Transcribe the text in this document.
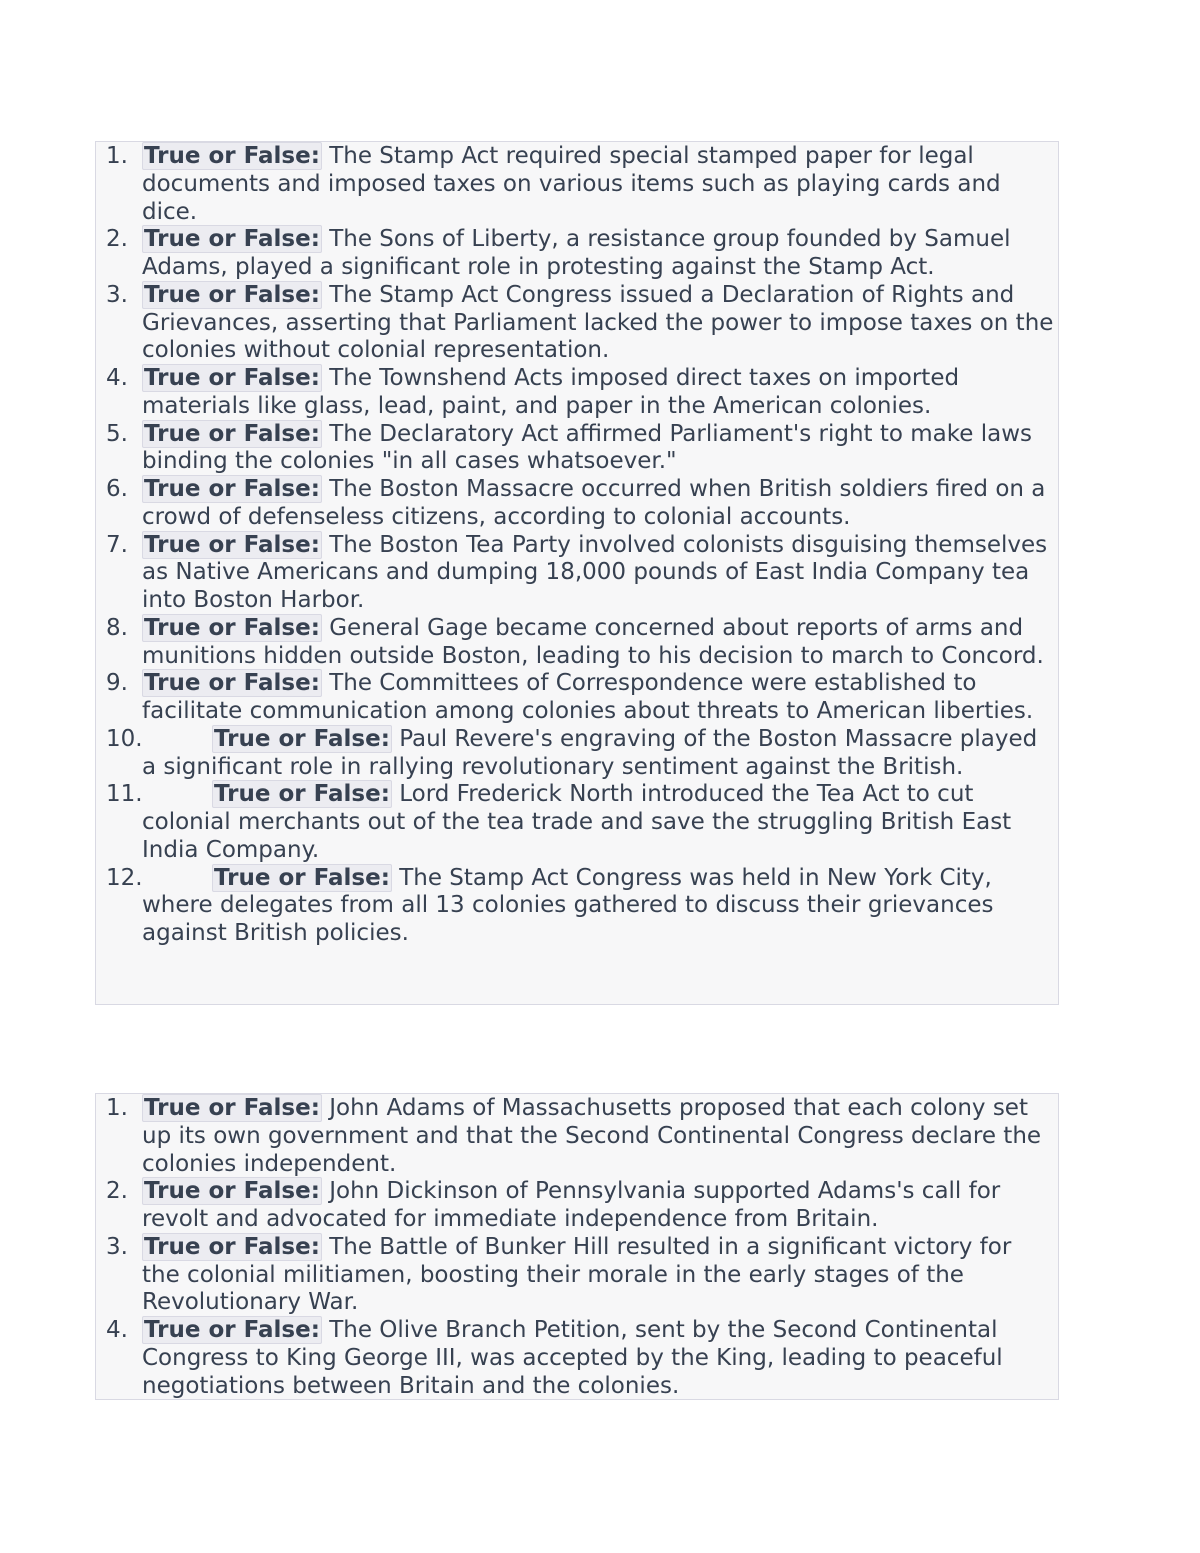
1. True or False: The Stamp Act required special stamped paper for legal documents and imposed taxes on various items such as playing cards and dice.
2. True or False: The Sons of Liberty, a resistance group founded by Samuel Adams, played a significant role in protesting against the Stamp Act.
3. True or False: The Stamp Act Congress issued a Declaration of Rights and Grievances, asserting that Parliament lacked the power to impose taxes on the colonies without colonial representation.
4. True or False: The Townshend Acts imposed direct taxes on imported materials like glass, lead, paint, and paper in the American colonies.
5. True or False: The Declaratory Act affirmed Parliament's right to make laws binding the colonies "in all cases whatsoever."
6. True or False: The Boston Massacre occurred when British soldiers fired on a crowd of defenseless citizens, according to colonial accounts.
7. True or False: The Boston Tea Party involved colonists disguising themselves as Native Americans and dumping 18,000 pounds of East India Company tea into Boston Harbor.
8. True or False: General Gage became concerned about reports of arms and munitions hidden outside Boston, leading to his decision to march to Concord.
9. True or False: The Committees of Correspondence were established to facilitate communication among colonies about threats to American liberties.
10.	True or False: Paul Revere's engraving of the Boston Massacre played a significant role in rallying revolutionary sentiment against the British.
11.	True or False: Lord Frederick North introduced the Tea Act to cut colonial merchants out of the tea trade and save the struggling British East India Company.
12.	True or False: The Stamp Act Congress was held in New York City, where delegates from all 13 colonies gathered to discuss their grievances against British policies.
1. True or False: John Adams of Massachusetts proposed that each colony set up its own government and that the Second Continental Congress declare the colonies independent.
2. True or False: John Dickinson of Pennsylvania supported Adams's call for revolt and advocated for immediate independence from Britain.
3. True or False: The Battle of Bunker Hill resulted in a significant victory for the colonial militiamen, boosting their morale in the early stages of the Revolutionary War.
4. True or False: The Olive Branch Petition, sent by the Second Continental Congress to King George III, was accepted by the King, leading to peaceful negotiations between Britain and the colonies.
